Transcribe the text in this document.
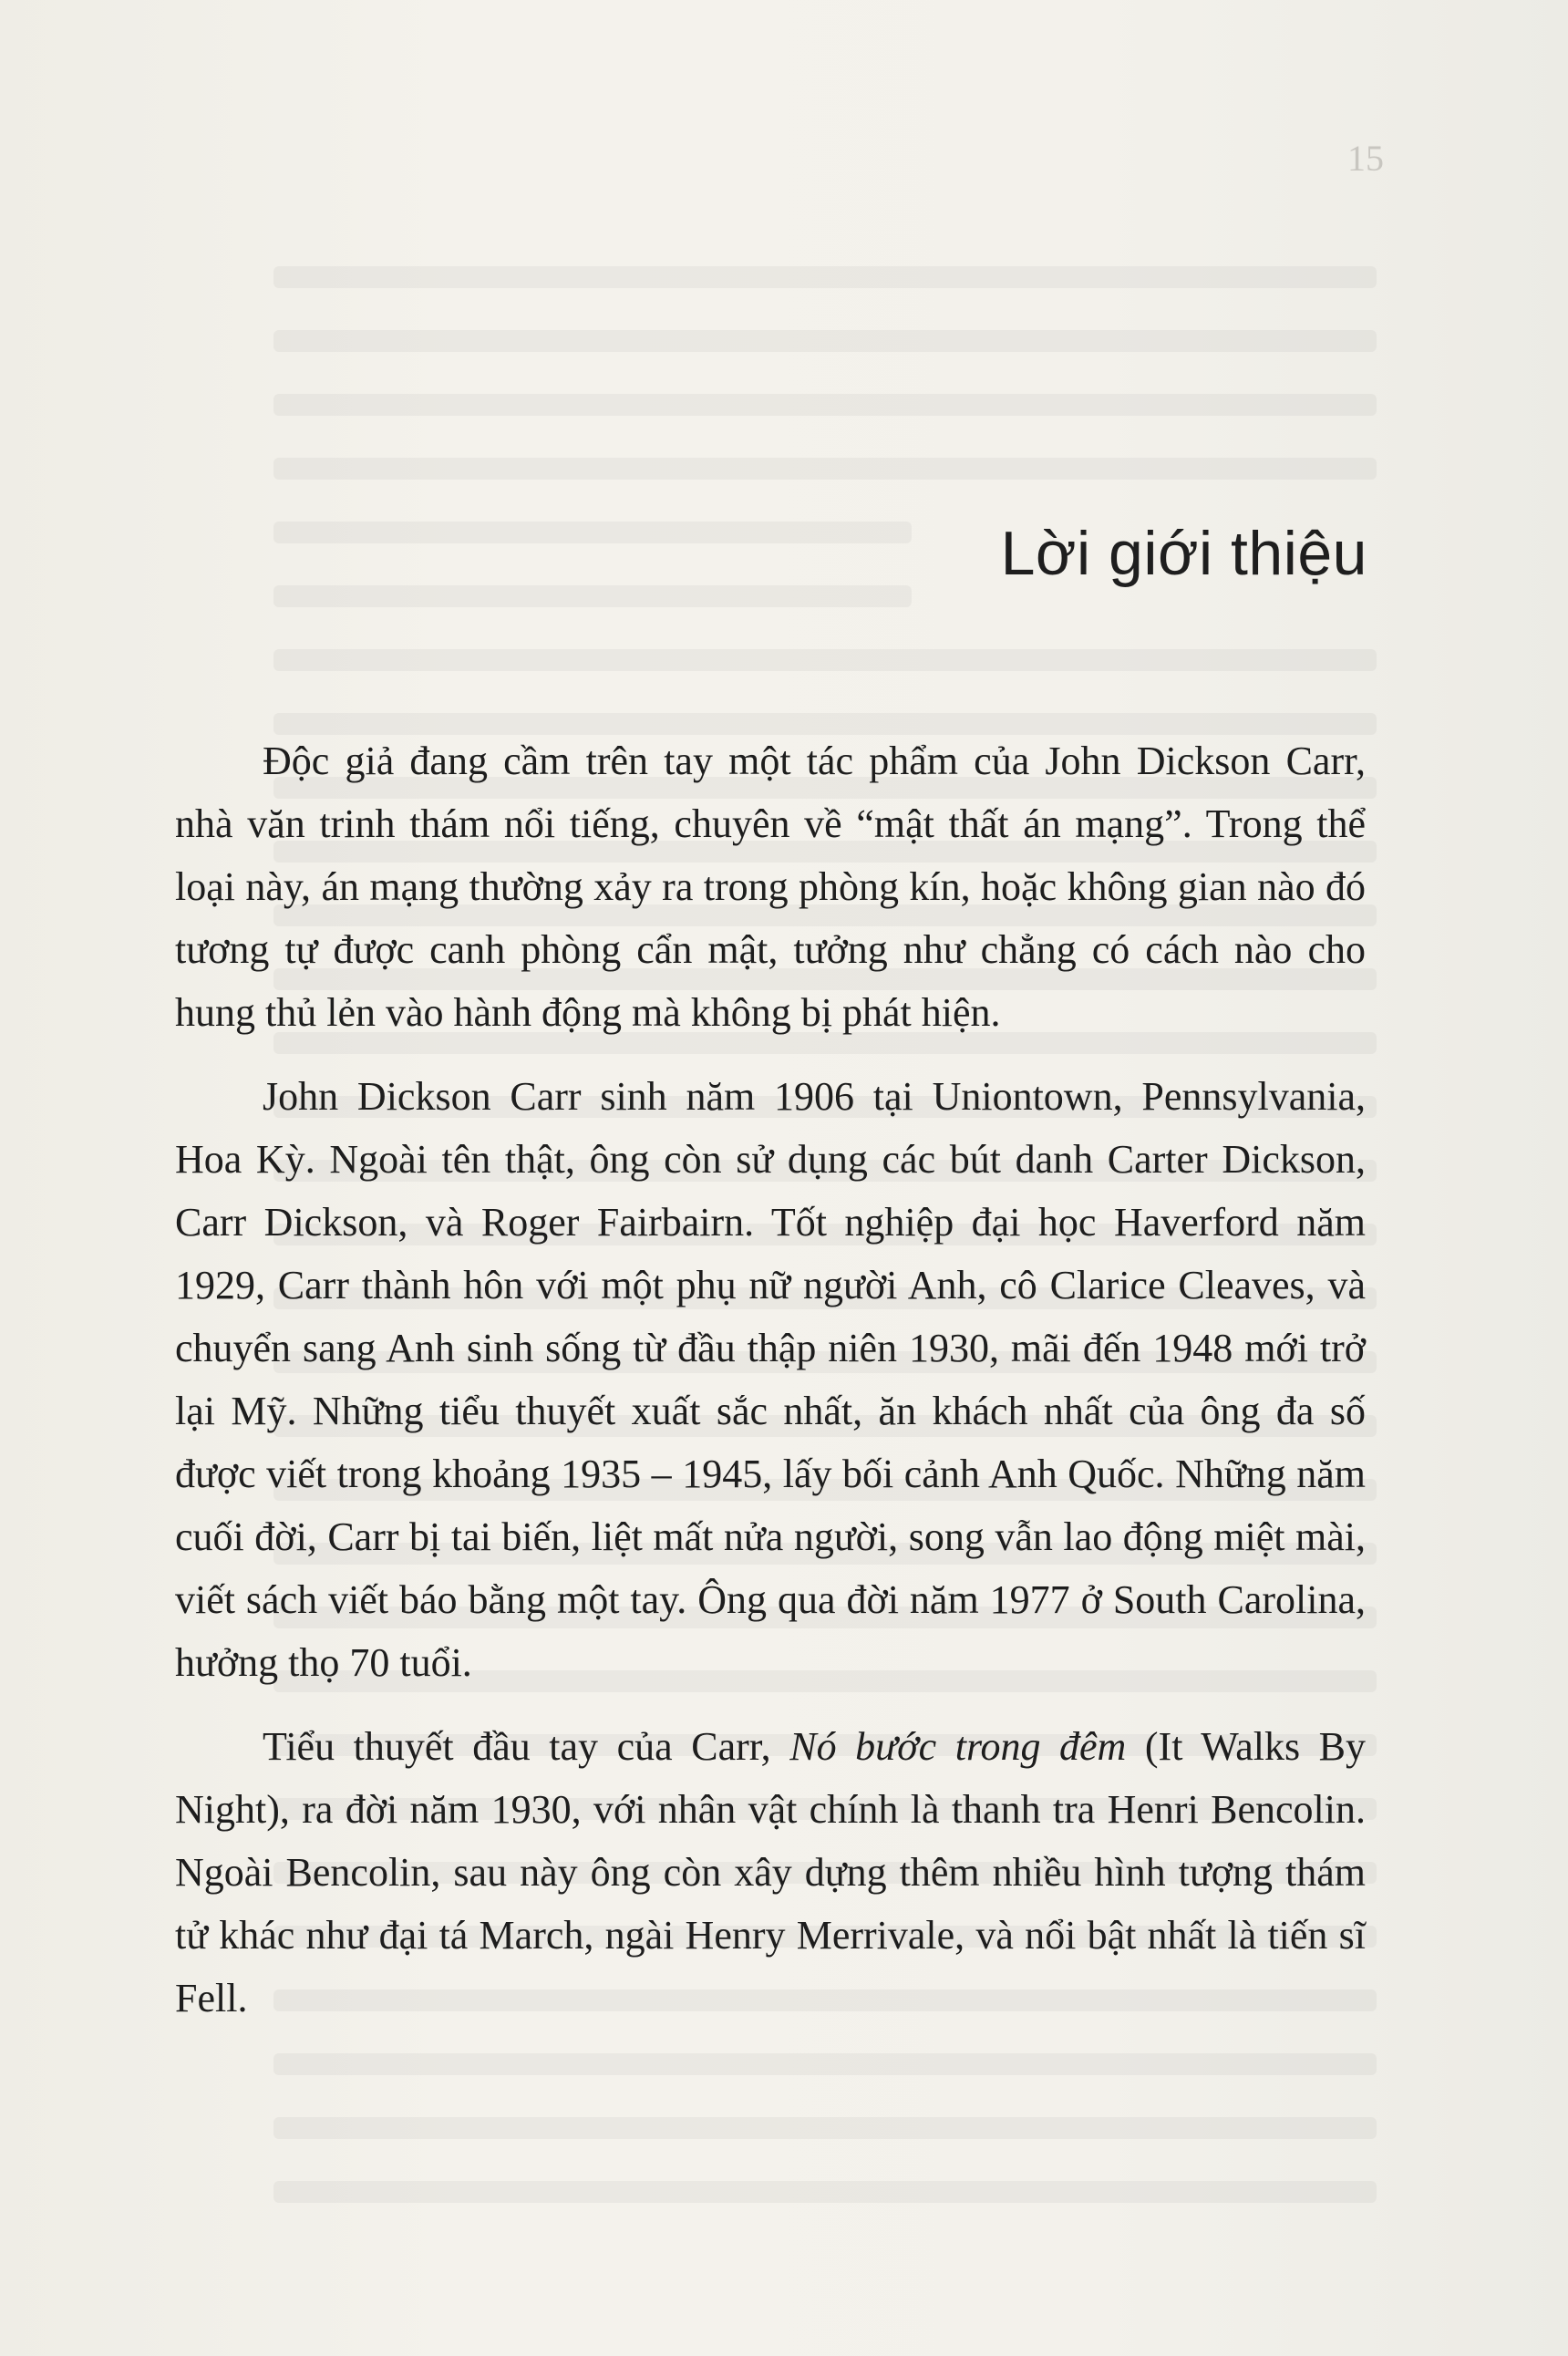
15
Lời giới thiệu

Độc giả đang cầm trên tay một tác phẩm của John Dickson Carr, nhà văn trinh thám nổi tiếng, chuyên về “mật thất án mạng”. Trong thể loại này, án mạng thường xảy ra trong phòng kín, hoặc không gian nào đó tương tự được canh phòng cẩn mật, tưởng như chẳng có cách nào cho hung thủ lẻn vào hành động mà không bị phát hiện.

John Dickson Carr sinh năm 1906 tại Uniontown, Pennsylvania, Hoa Kỳ. Ngoài tên thật, ông còn sử dụng các bút danh Carter Dickson, Carr Dickson, và Roger Fairbairn. Tốt nghiệp đại học Haverford năm 1929, Carr thành hôn với một phụ nữ người Anh, cô Clarice Cleaves, và chuyển sang Anh sinh sống từ đầu thập niên 1930, mãi đến 1948 mới trở lại Mỹ. Những tiểu thuyết xuất sắc nhất, ăn khách nhất của ông đa số được viết trong khoảng 1935 – 1945, lấy bối cảnh Anh Quốc. Những năm cuối đời, Carr bị tai biến, liệt mất nửa người, song vẫn lao động miệt mài, viết sách viết báo bằng một tay. Ông qua đời năm 1977 ở South Carolina, hưởng thọ 70 tuổi.

Tiểu thuyết đầu tay của Carr, Nó bước trong đêm (It Walks By Night), ra đời năm 1930, với nhân vật chính là thanh tra Henri Bencolin. Ngoài Bencolin, sau này ông còn xây dựng thêm nhiều hình tượng thám tử khác như đại tá March, ngài Henry Merrivale, và nổi bật nhất là tiến sĩ Fell.
